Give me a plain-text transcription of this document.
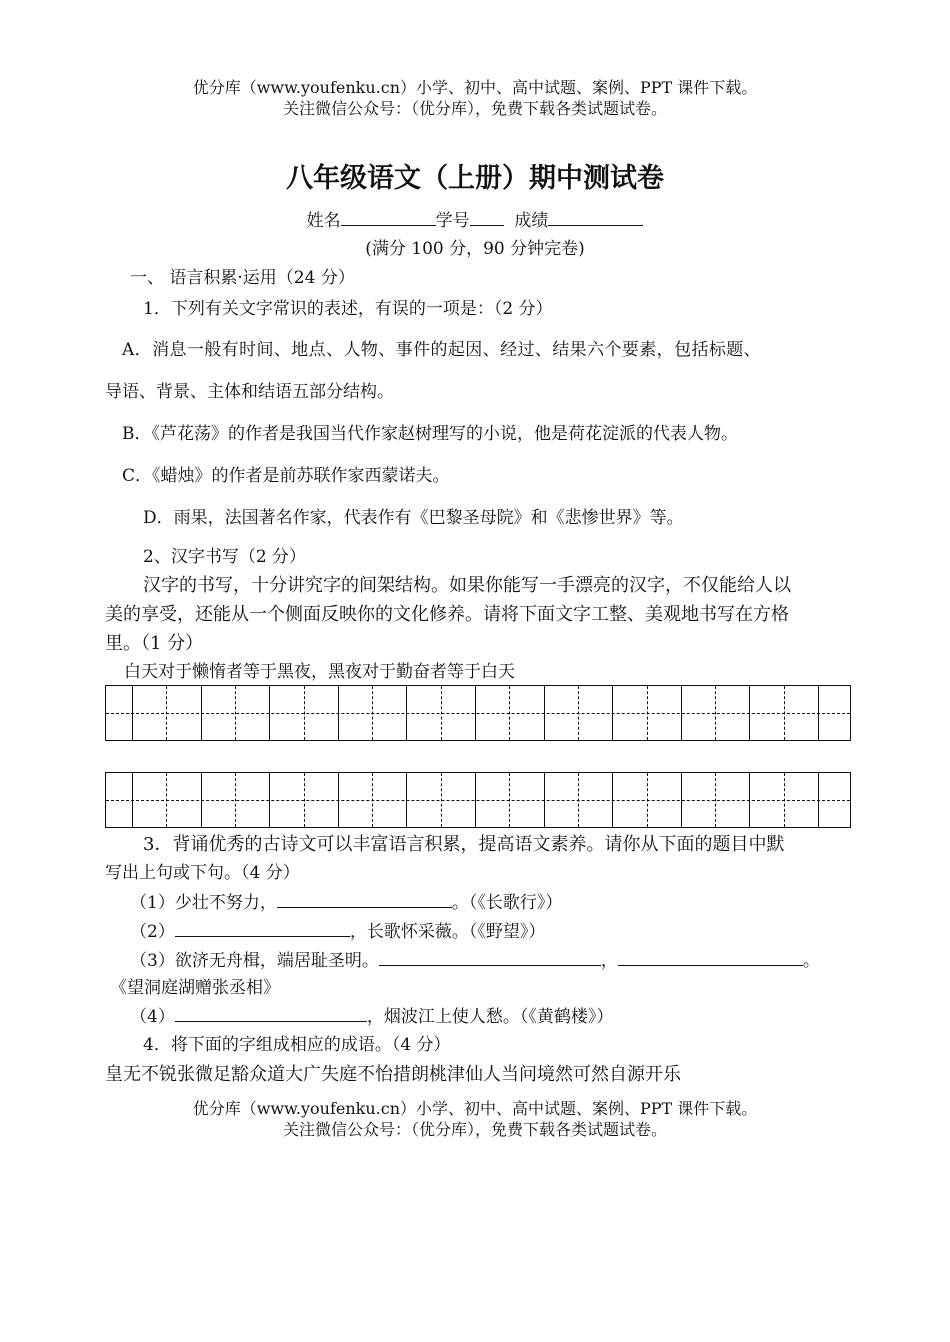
优分库（www.youfenku.cn）小学、初中、高中试题、案例、PPT 课件下载。
关注微信公众号：（优分库），免费下载各类试题试卷。
八年级语文（上册）期中测试卷
姓名	学号	成绩
(满分 100 分，90 分钟完卷)
一、 语言积累·运用（24 分）
1．下列有关文字常识的表述，有误的一项是：（2 分）
A．消息一般有时间、地点、人物、事件的起因、经过、结果六个要素，包括标题、
导语、背景、主体和结语五部分结构。
B．《芦花荡》的作者是我国当代作家赵树理写的小说，他是荷花淀派的代表人物。
C．《蜡烛》的作者是前苏联作家西蒙诺夫。
D．雨果，法国著名作家，代表作有《巴黎圣母院》和《悲惨世界》等。
2、汉字书写（2 分）
汉字的书写，十分讲究字的间架结构。如果你能写一手漂亮的汉字，不仅能给人以
美的享受，还能从一个侧面反映你的文化修养。请将下面文字工整、美观地书写在方格
里。（1 分）
白天对于懒惰者等于黑夜，黑夜对于勤奋者等于白天
3．背诵优秀的古诗文可以丰富语言积累，提高语文素养。请你从下面的题目中默
写出上句或下句。（4 分）
（1）少壮不努力，	。（《长歌行》）
（2）	，长歌怀采薇。（《野望》）
（3）欲济无舟楫，端居耻圣明。	，	。
《望洞庭湖赠张丞相》
（4）	，烟波江上使人愁。（《黄鹤楼》）
4．将下面的字组成相应的成语。（4 分）
皇无不锐张微足豁众道大广失庭不怡措朗桃津仙人当问境然可然自源开乐
优分库（www.youfenku.cn）小学、初中、高中试题、案例、PPT 课件下载。
关注微信公众号：（优分库），免费下载各类试题试卷。
